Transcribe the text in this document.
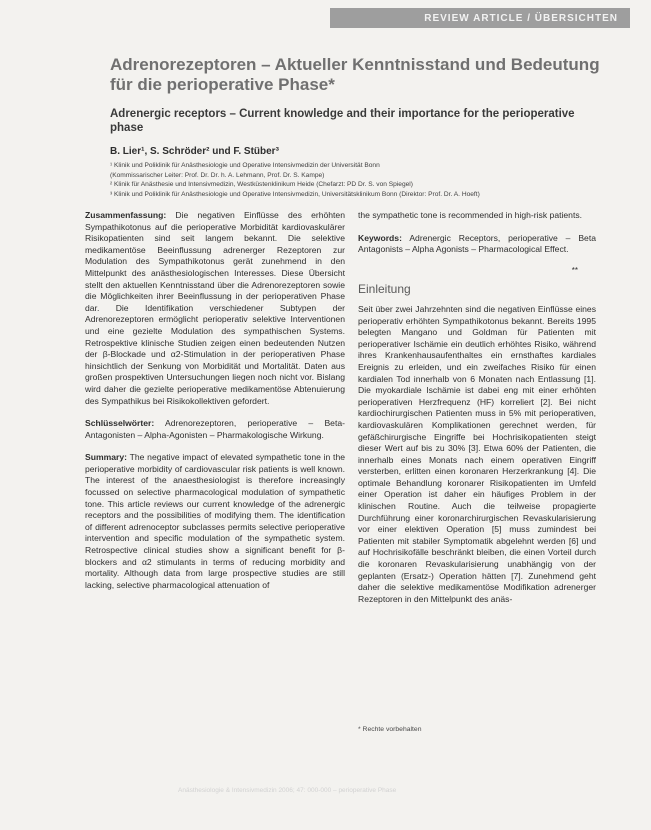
REVIEW ARTICLE / ÜBERSICHTEN
Adrenorezeptoren – Aktueller Kenntnisstand und Bedeutung für die perioperative Phase*
Adrenergic receptors – Current knowledge and their importance for the perioperative phase
B. Lier¹, S. Schröder² und F. Stüber³
¹ Klinik und Poliklinik für Anästhesiologie und Operative Intensivmedizin der Universität Bonn
(Kommissarischer Leiter: Prof. Dr. Dr. h. A. Lehmann, Prof. Dr. S. Kampe)
² Klinik für Anästhesie und Intensivmedizin, Westküstenklinikum Heide (Chefarzt: PD Dr. S. von Spiegel)
³ Klinik und Poliklinik für Anästhesiologie und Operative Intensivmedizin, Universitätsklinikum Bonn (Direktor: Prof. Dr. A. Hoeft)

Zusammenfassung: Die negativen Einflüsse des erhöhten Sympathikotonus auf die perioperative Morbidität kardiovaskulärer Risikopatienten sind seit langem bekannt. Die selektive medikamentöse Beeinflussung adrenerger Rezeptoren zur Modulation des Sympathikotonus gerät zunehmend in den Mittelpunkt des anästhesiologischen Interesses. Diese Übersicht stellt den aktuellen Kenntnisstand über die Adrenorezeptoren sowie die Möglichkeiten ihrer Beeinflussung in der perioperativen Phase dar. Die Identifikation verschiedener Subtypen der Adrenorezeptoren ermöglicht perioperativ selektive Interventionen und eine gezielte Modulation des sympathischen Systems. Retrospektive klinische Studien zeigen einen bedeutenden Nutzen der β-Blockade und α2-Stimulation in der perioperativen Phase hinsichtlich der Senkung von Morbidität und Mortalität. Daten aus großen prospektiven Untersuchungen liegen noch nicht vor. Bislang wird daher die gezielte perioperative medikamentöse Abtenuierung des Sympathikus bei Risikokollektiven gefordert.

Schlüsselwörter: Adrenorezeptoren, perioperative – Beta-Antagonisten – Alpha-Agonisten – Pharmakologische Wirkung.

Summary: The negative impact of elevated sympathetic tone in the perioperative morbidity of cardiovascular risk patients is well known. The interest of the anaesthesiologist is therefore increasingly focussed on selective pharmacological modulation of sympathetic tone. This article reviews our current knowledge of the adrenergic receptors and the possibilities of modifying them. The identification of different adrenoceptor subclasses permits selective perioperative intervention and specific modulation of the sympathetic system. Retrospective clinical studies show a significant benefit for β-blockers and α2 stimulants in terms of reducing morbidity and mortality. Although data from large prospective studies are still lacking, selective pharmacological attenuation of

the sympathetic tone is recommended in high-risk patients.

Keywords: Adrenergic Receptors, perioperative – Beta Antagonists – Alpha Agonists – Pharmacological Effect.

**
Einleitung

Seit über zwei Jahrzehnten sind die negativen Einflüsse eines perioperativ erhöhten Sympathikotonus bekannt. Bereits 1995 belegten Mangano und Goldman für Patienten mit perioperativer Ischämie ein deutlich erhöhtes Risiko, während ihres Krankenhausaufenthaltes ein ernsthaftes kardiales Ereignis zu erleiden, und ein zweifaches Risiko für einen kardialen Tod innerhalb von 6 Monaten nach Entlassung [1]. Die myokardiale Ischämie ist dabei eng mit einer erhöhten perioperativen Herzfrequenz (HF) korreliert [2]. Bei nicht kardiochirurgischen Patienten muss in 5% mit perioperativen, kardiovaskulären Komplikationen gerechnet werden, für gefäßchirurgische Eingriffe bei Hochrisikopatienten steigt dieser Wert auf bis zu 30% [3]. Etwa 60% der Patienten, die innerhalb eines Monats nach einem operativen Eingriff versterben, erlitten einen koronaren Herzerkrankung [4]. Die optimale Behandlung koronarer Risikopatienten im Umfeld einer Operation ist daher ein häufiges Problem in der klinischen Routine. Auch die teilweise propagierte Durchführung einer koronarchirurgischen Revaskularisierung vor einer elektiven Operation [5] muss zumindest bei Patienten mit stabiler Symptomatik abgelehnt werden [6] und auf Hochrisikofälle beschränkt bleiben, die einen Vorteil durch die koronaren Revaskularisierung unabhängig von der geplanten (Ersatz-) Operation hätten [7]. Zunehmend geht daher die selektive medikamentöse Modifikation adrenerger Rezeptoren in den Mittelpunkt des anäs-

* Rechte vorbehalten
Anästhesiologie & Intensivmedizin 2006; 47: 000-000 – perioperative Phase
